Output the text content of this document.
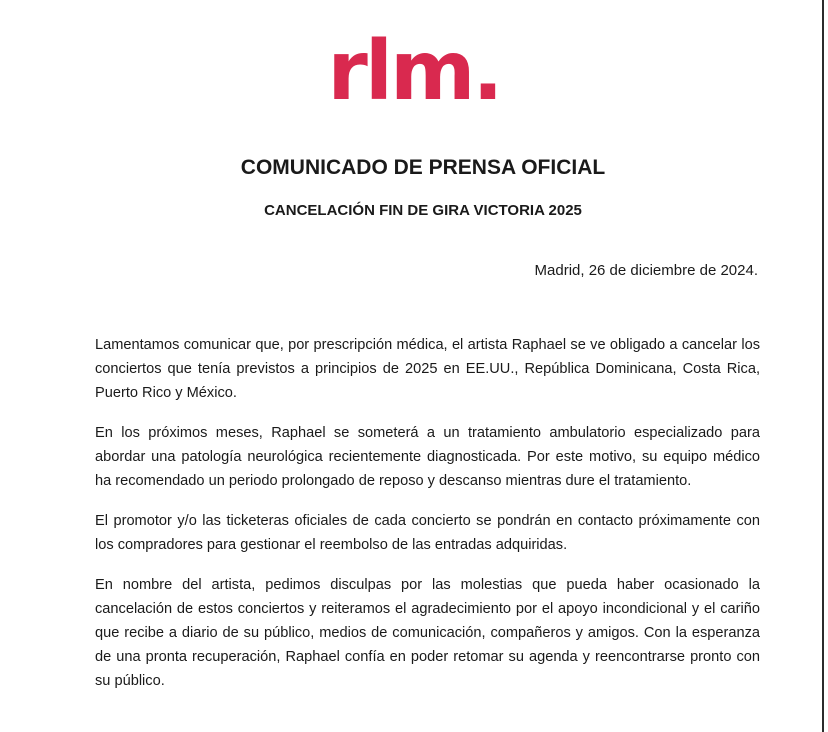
rlm.
COMUNICADO DE PRENSA OFICIAL
CANCELACIÓN FIN DE GIRA VICTORIA 2025
Madrid, 26 de diciembre de 2024.

Lamentamos comunicar que, por prescripción médica, el artista Raphael se ve obligado a cancelar los conciertos que tenía previstos a principios de 2025 en EE.UU., República Dominicana, Costa Rica, Puerto Rico y México.

En los próximos meses, Raphael se someterá a un tratamiento ambulatorio especializado para abordar una patología neurológica recientemente diagnosticada. Por este motivo, su equipo médico ha recomendado un periodo prolongado de reposo y descanso mientras dure el tratamiento.

El promotor y/o las ticketeras oficiales de cada concierto se pondrán en contacto próximamente con los compradores para gestionar el reembolso de las entradas adquiridas.

En nombre del artista, pedimos disculpas por las molestias que pueda haber ocasionado la cancelación de estos conciertos y reiteramos el agradecimiento por el apoyo incondicional y el cariño que recibe a diario de su público, medios de comunicación, compañeros y amigos. Con la esperanza de una pronta recuperación, Raphael confía en poder retomar su agenda y reencontrarse pronto con su público.
